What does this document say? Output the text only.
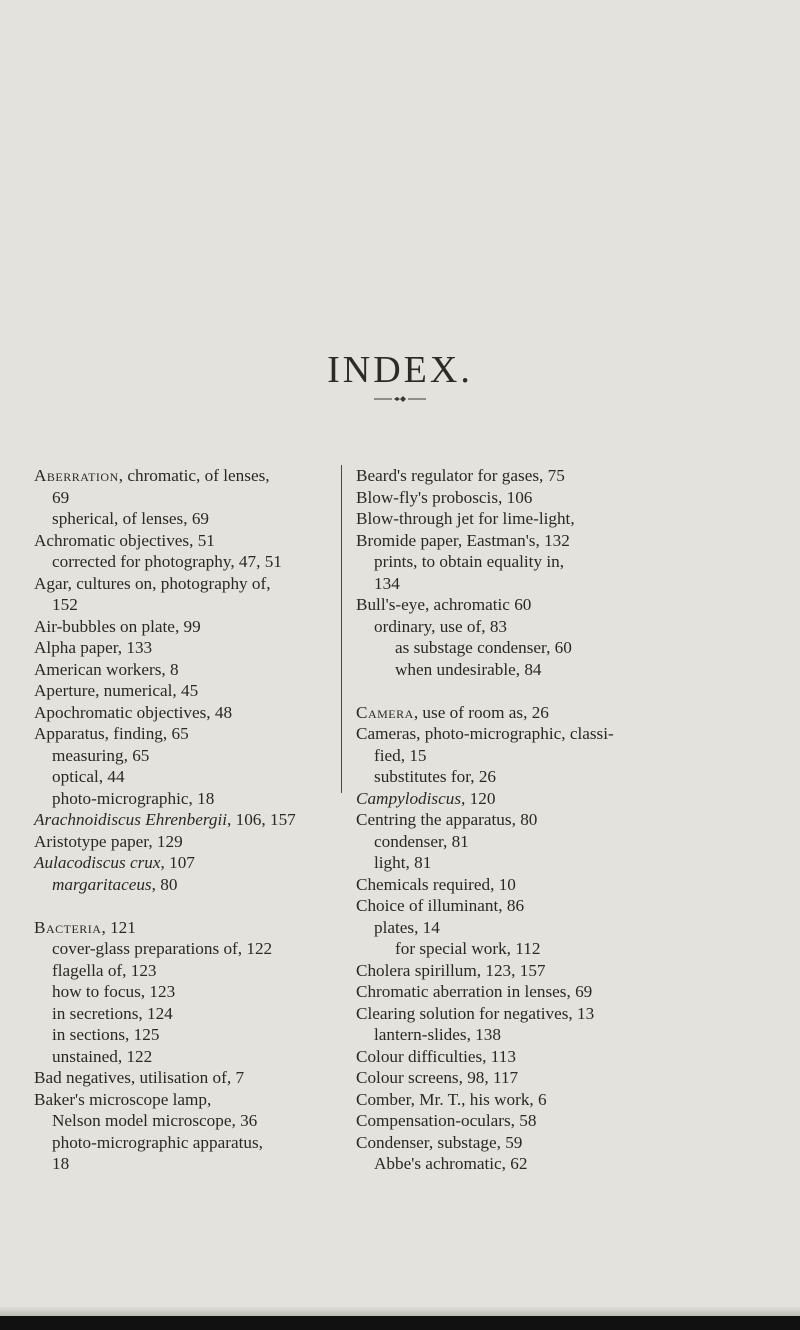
INDEX.
Aberration, chromatic, of lenses,
69
spherical, of lenses, 69
Achromatic objectives, 51
corrected for photography, 47, 51
Agar, cultures on, photography of,
152
Air-bubbles on plate, 99
Alpha paper, 133
American workers, 8
Aperture, numerical, 45
Apochromatic objectives, 48
Apparatus, finding, 65
measuring, 65
optical, 44
photo-micrographic, 18
Arachnoidiscus Ehrenbergii, 106, 157
Aristotype paper, 129
Aulacodiscus crux, 107
margaritaceus, 80
Bacteria, 121
cover-glass preparations of, 122
flagella of, 123
how to focus, 123
in secretions, 124
in sections, 125
unstained, 122
Bad negatives, utilisation of, 7
Baker's microscope lamp,
Nelson model microscope, 36
photo-micrographic apparatus,
18
Beard's regulator for gases, 75
Blow-fly's proboscis, 106
Blow-through jet for lime-light,
Bromide paper, Eastman's, 132
prints, to obtain equality in,
134
Bull's-eye, achromatic 60
ordinary, use of, 83
as substage condenser, 60
when undesirable, 84
Camera, use of room as, 26
Cameras, photo-micrographic, classi-
fied, 15
substitutes for, 26
Campylodiscus, 120
Centring the apparatus, 80
condenser, 81
light, 81
Chemicals required, 10
Choice of illuminant, 86
plates, 14
for special work, 112
Cholera spirillum, 123, 157
Chromatic aberration in lenses, 69
Clearing solution for negatives, 13
lantern-slides, 138
Colour difficulties, 113
Colour screens, 98, 117
Comber, Mr. T., his work, 6
Compensation-oculars, 58
Condenser, substage, 59
Abbe's achromatic, 62
